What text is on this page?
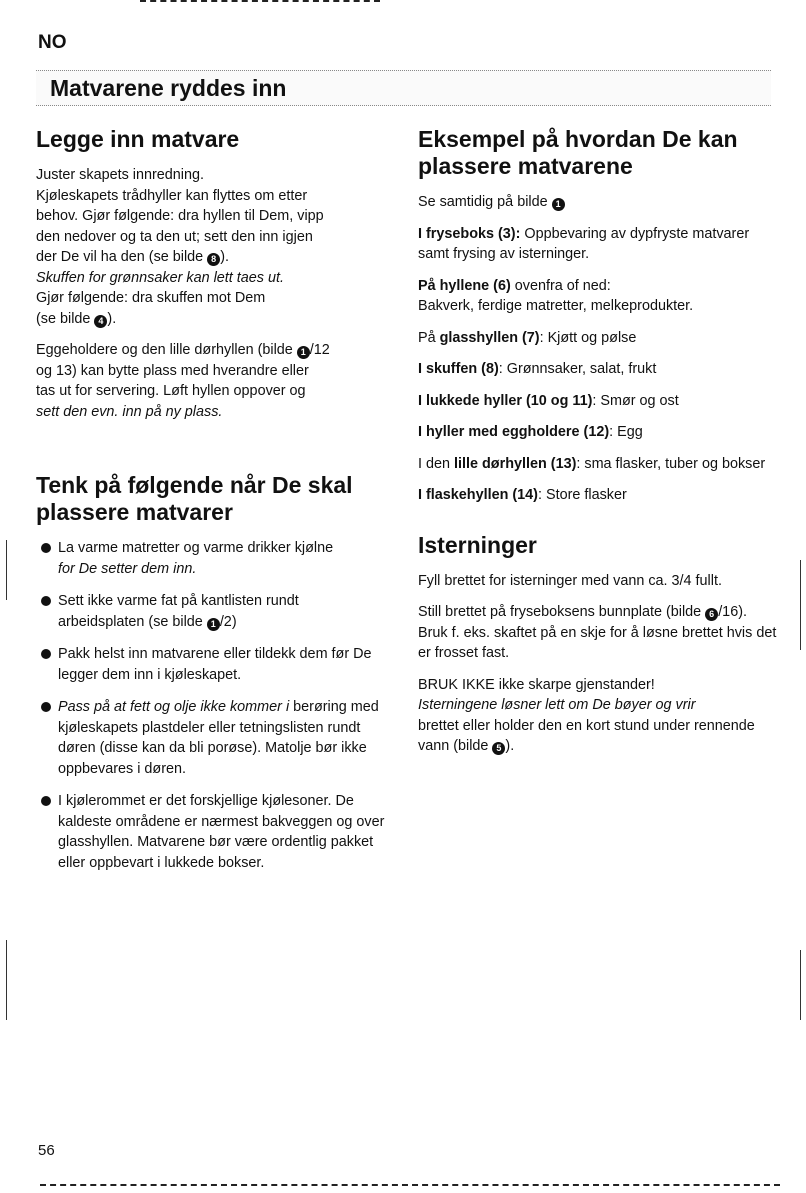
NO
Matvarene ryddes inn
Legge inn matvare

Juster skapets innredning.

Kjøleskapets trådhyller kan flyttes om etter

behov. Gjør følgende: dra hyllen til Dem, vipp

den nedover og ta den ut; sett den inn igjen

der De vil ha den (se bilde 8 ).

Skuffen for grønnsaker kan lett taes ut.

Gjør følgende: dra skuffen mot Dem

(se bilde 4 ).

Eggeholdere og den lille dørhyllen (bilde 1 /12

og 13) kan bytte plass med hverandre eller

tas ut for servering. Løft hyllen oppover og

sett den evn. inn på ny plass.

Tenk på følgende når De skal plassere matvarer
La varme matretter og varme drikker kjølne
for De setter dem inn.
Sett ikke varme fat på kantlisten rundt
arbeidsplaten (se bilde 1 /2)
Pakk helst inn matvarene eller tildekk dem før De legger dem inn i kjøleskapet.
Pass på at fett og olje ikke kommer i berøring med kjøleskapets plastdeler eller tetningslisten rundt døren (disse kan da bli porøse). Matolje bør ikke oppbevares i døren.
I kjølerommet er det forskjellige kjølesoner. De kaldeste områdene er nærmest bakveggen og over glasshyllen. Matvarene bør være ordentlig pakket eller oppbevart i lukkede bokser.
Eksempel på hvordan De kan plassere matvarene

Se samtidig på bilde 1

I fryseboks (3): Oppbevaring av dypfryste matvarer samt frysing av isterninger.

På hyllene (6) ovenfra of ned:
Bakverk, ferdige matretter, melkeprodukter.

På glasshyllen (7): Kjøtt og pølse

I skuffen (8): Grønnsaker, salat, frukt

I lukkede hyller (10 og 11): Smør og ost

I hyller med eggholdere (12): Egg

I den lille dørhyllen (13): sma flasker, tuber og bokser

I flaskehyllen (14): Store flasker

Isterninger

Fyll brettet for isterninger med vann ca. 3/4 fullt.

Still brettet på fryseboksens bunnplate (bilde 6 /16). Bruk f. eks. skaftet på en skje for å løsne brettet hvis det er frosset fast.

BRUK IKKE ikke skarpe gjenstander!
Isterningene løsner lett om De bøyer og vrir
brettet eller holder den en kort stund under rennende vann (bilde 5 ).

56
